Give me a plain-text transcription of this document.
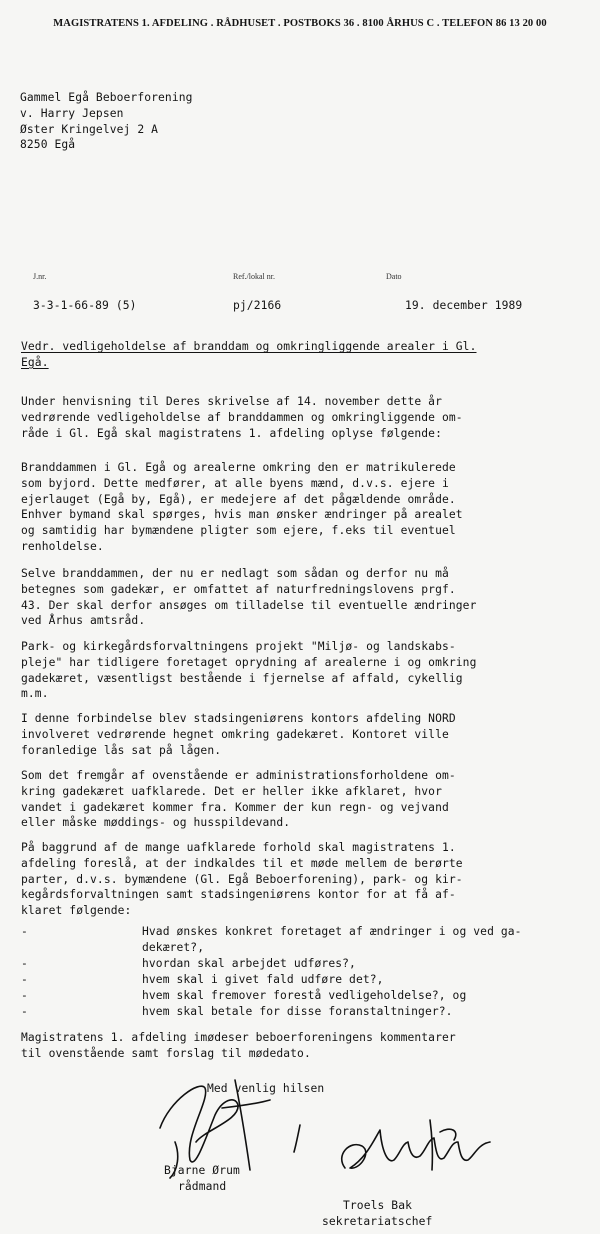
MAGISTRATENS 1. AFDELING . RÅDHUSET . POSTBOKS 36 . 8100 ÅRHUS C . TELEFON 86 13 20 00
Gammel Egå Beboerforening
v. Harry Jepsen
Øster Kringelvej 2 A
8250 Egå
J.nr.	Ref./lokal nr.	Dato
3-3-1-66-89 (5)	pj/2166	19. december 1989
Vedr. vedligeholdelse af branddam og omkringliggende arealer i Gl.
Egå.
Under henvisning til Deres skrivelse af 14. november dette år
vedrørende vedligeholdelse af branddammen og omkringliggende om-
råde i Gl. Egå skal magistratens 1. afdeling oplyse følgende:
Branddammen i Gl. Egå og arealerne omkring den er matrikulerede
som byjord. Dette medfører, at alle byens mænd, d.v.s. ejere i
ejerlauget (Egå by, Egå), er medejere af det pågældende område.
Enhver bymand skal spørges, hvis man ønsker ændringer på arealet
og samtidig har bymændene pligter som ejere, f.eks til eventuel
renholdelse.
Selve branddammen, der nu er nedlagt som sådan og derfor nu må
betegnes som gadekær, er omfattet af naturfredningslovens prgf.
43. Der skal derfor ansøges om tilladelse til eventuelle ændringer
ved Århus amtsråd.
Park- og kirkegårdsforvaltningens projekt "Miljø- og landskabs-
pleje" har tidligere foretaget oprydning af arealerne i og omkring
gadekæret, væsentligst bestående i fjernelse af affald, cykellig
m.m.
I denne forbindelse blev stadsingeniørens kontors afdeling NORD
involveret vedrørende hegnet omkring gadekæret. Kontoret ville
foranledige lås sat på lågen.
Som det fremgår af ovenstående er administrationsforholdene om-
kring gadekæret uafklarede. Det er heller ikke afklaret, hvor
vandet i gadekæret kommer fra. Kommer der kun regn- og vejvand
eller måske møddings- og husspildevand.
På baggrund af de mange uafklarede forhold skal magistratens 1.
afdeling foreslå, at der indkaldes til et møde mellem de berørte
parter, d.v.s. bymændene (Gl. Egå Beboerforening), park- og kir-
kegårdsforvaltningen samt stadsingeniørens kontor for at få af-
klaret følgende:
-	Hvad ønskes konkret foretaget af ændringer i og ved ga-
dekæret?,
-	hvordan skal arbejdet udføres?,
-	hvem skal i givet fald udføre det?,
-	hvem skal fremover forestå vedligeholdelse?, og
-	hvem skal betale for disse foranstaltninger?.
Magistratens 1. afdeling imødeser beboerforeningens kommentarer
til ovenstående samt forslag til mødedato.
Med venlig hilsen
Bjarne Ørum
rådmand
Troels Bak
sekretariatschef
